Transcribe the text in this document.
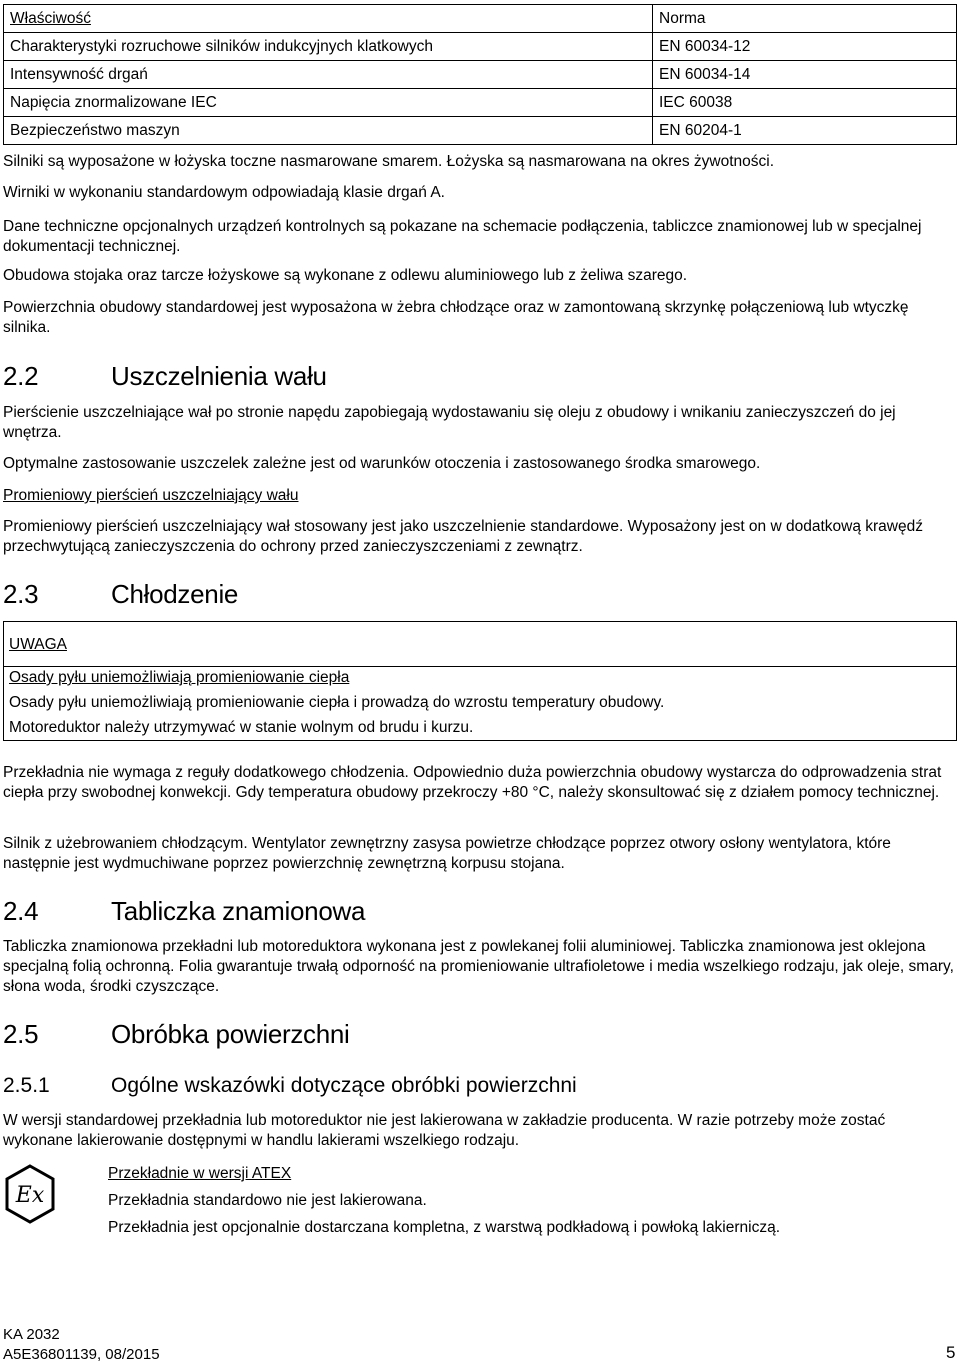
Właściwość	Norma
Charakterystyki rozruchowe silników indukcyjnych klatkowych	EN 60034-12
Intensywność drgań	EN 60034-14
Napięcia znormalizowane IEC	IEC 60038
Bezpieczeństwo maszyn	EN 60204-1

Silniki są wyposażone w łożyska toczne nasmarowane smarem. Łożyska są nasmarowana na okres żywotności.

Wirniki w wykonaniu standardowym odpowiadają klasie drgań A.

Dane techniczne opcjonalnych urządzeń kontrolnych są pokazane na schemacie podłączenia, tabliczce znamionowej lub w specjalnej dokumentacji technicznej.

Obudowa stojaka oraz tarcze łożyskowe są wykonane z odlewu aluminiowego lub z żeliwa szarego.

Powierzchnia obudowy standardowej jest wyposażona w żebra chłodzące oraz w zamontowaną skrzynkę połączeniową lub wtyczkę silnika.

2.2	Uszczelnienia wału

Pierścienie uszczelniające wał po stronie napędu zapobiegają wydostawaniu się oleju z obudowy i wnikaniu zanieczyszczeń do jej wnętrza.

Optymalne zastosowanie uszczelek zależne jest od warunków otoczenia i zastosowanego środka smarowego.

Promieniowy pierścień uszczelniający wału

Promieniowy pierścień uszczelniający wał stosowany jest jako uszczelnienie standardowe. Wyposażony jest on w dodatkową krawędź przechwytującą zanieczyszczenia do ochrony przed zanieczyszczeniami z zewnątrz.

2.3	Chłodzenie
UWAGA
Osady pyłu uniemożliwiają promieniowanie ciepła
Osady pyłu uniemożliwiają promieniowanie ciepła i prowadzą do wzrostu temperatury obudowy.
Motoreduktor należy utrzymywać w stanie wolnym od brudu i kurzu.

Przekładnia nie wymaga z reguły dodatkowego chłodzenia. Odpowiednio duża powierzchnia obudowy wystarcza do odprowadzenia strat ciepła przy swobodnej konwekcji. Gdy temperatura obudowy przekroczy +80 °C, należy skonsultować się z działem pomocy technicznej.

Silnik z użebrowaniem chłodzącym. Wentylator zewnętrzny zasysa powietrze chłodzące poprzez otwory osłony wentylatora, które następnie jest wydmuchiwane poprzez powierzchnię zewnętrzną korpusu stojana.

2.4	Tabliczka znamionowa

Tabliczka znamionowa przekładni lub motoreduktora wykonana jest z powlekanej folii aluminiowej. Tabliczka znamionowa jest oklejona specjalną folią ochronną. Folia gwarantuje trwałą odporność na promieniowanie ultrafioletowe i media wszelkiego rodzaju, jak oleje, smary, słona woda, środki czyszczące.

2.5	Obróbka powierzchni
2.5.1	Ogólne wskazówki dotyczące obróbki powierzchni

W wersji standardowej przekładnia lub motoreduktor nie jest lakierowana w zakładzie producenta. W razie potrzeby może zostać wykonane lakierowanie dostępnymi w handlu lakierami wszelkiego rodzaju.

Ex

Przekładnie w wersji ATEX

Przekładnia standardowo nie jest lakierowana.

Przekładnia jest opcjonalnie dostarczana kompletna, z warstwą podkładową i powłoką lakierniczą.

KA 2032
A5E36801139, 08/2015	5
